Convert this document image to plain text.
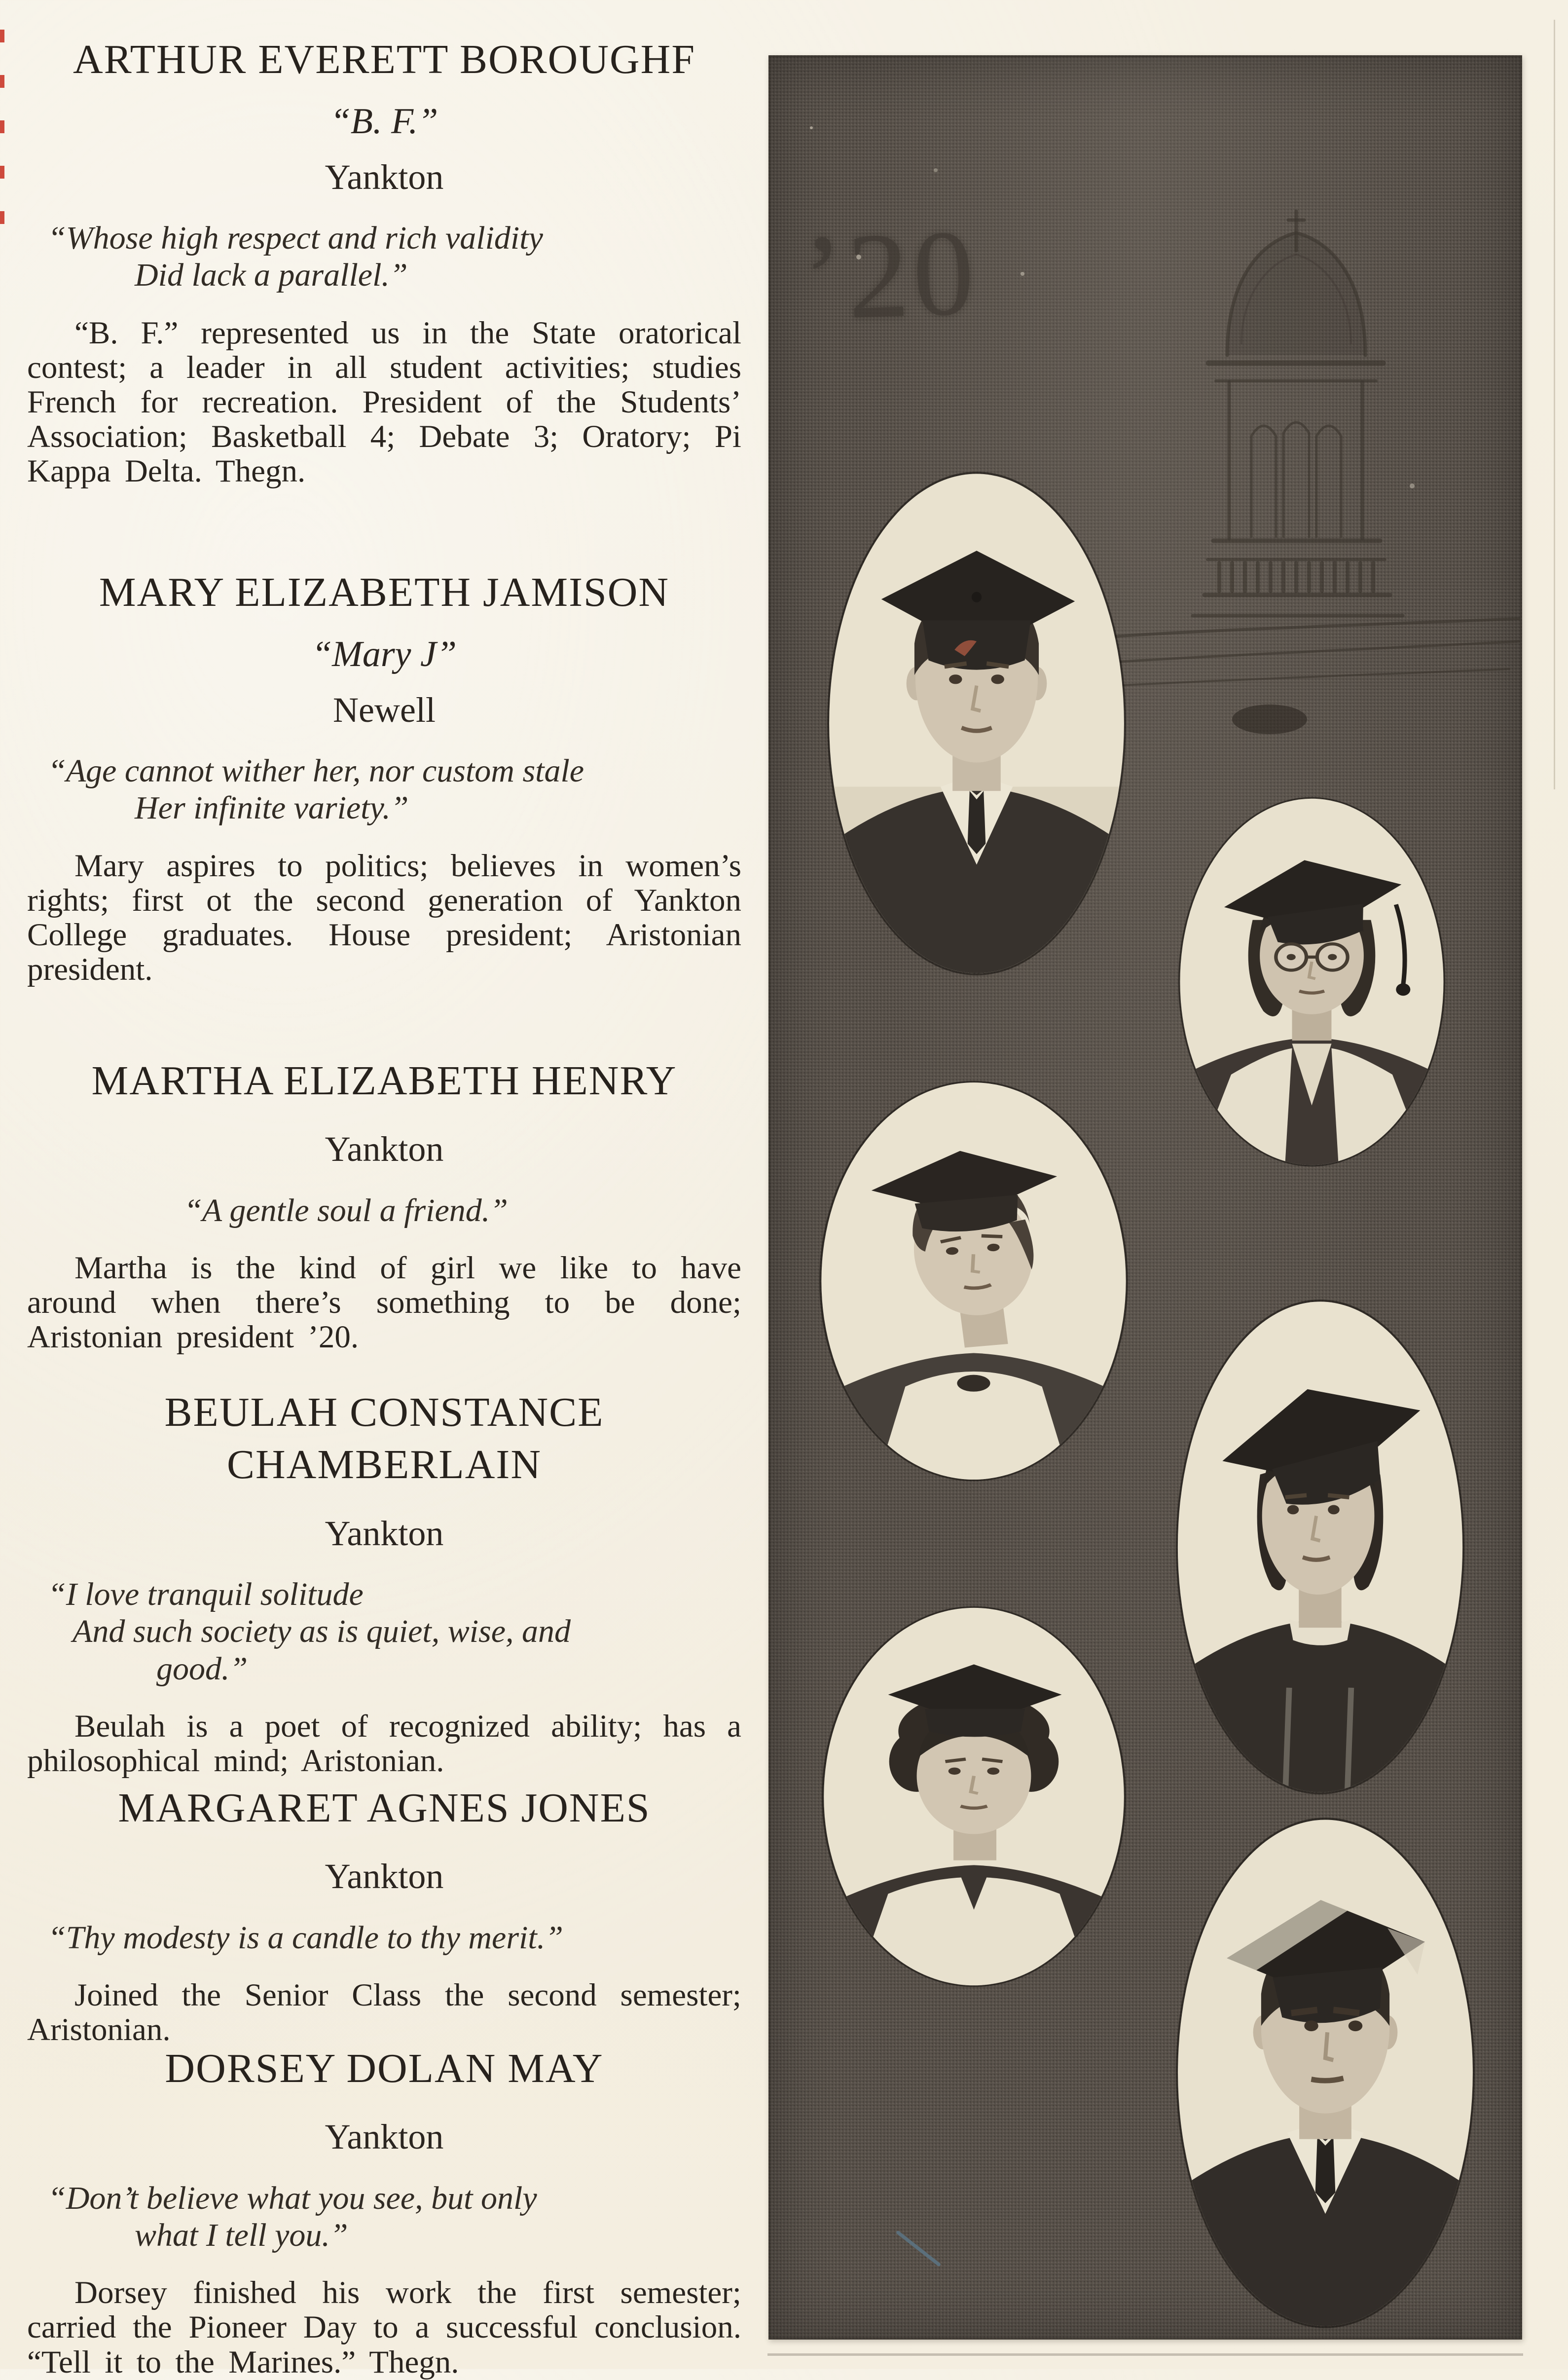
ARTHUR EVERETT BOROUGHF
“B. F.”
Yankton
“Whose high respect and rich validity
Did lack a parallel.”

“B. F.” represented us in the State oratorical contest; a leader in all student activities; studies French for recreation. President of the Students’ Association; Basketball 4; Debate 3; Oratory; Pi Kappa Delta. Thegn.

MARY ELIZABETH JAMISON
“Mary J”
Newell
“Age cannot wither her, nor custom stale
Her infinite variety.”

Mary aspires to politics; believes in women’s rights; first ot the second generation of Yankton College graduates. House president; Aristonian president.

MARTHA ELIZABETH HENRY
Yankton
“A gentle soul a friend.”

Martha is the kind of girl we like to have around when there’s something to be done; Aristonian president ’20.

BEULAH CONSTANCE
CHAMBERLAIN
Yankton
“I love tranquil solitude
And such society as is quiet, wise, and
good.”

Beulah is a poet of recognized ability; has a philosophical mind; Aristonian.

MARGARET AGNES JONES
Yankton
“Thy modesty is a candle to thy merit.”

Joined the Senior Class the second semester; Aristonian.

DORSEY DOLAN MAY
Yankton
“Don’t believe what you see, but only
what I tell you.”

Dorsey finished his work the first semester; carried the Pioneer Day to a successful conclusion. “Tell it to the Marines.” Thegn.

’20
